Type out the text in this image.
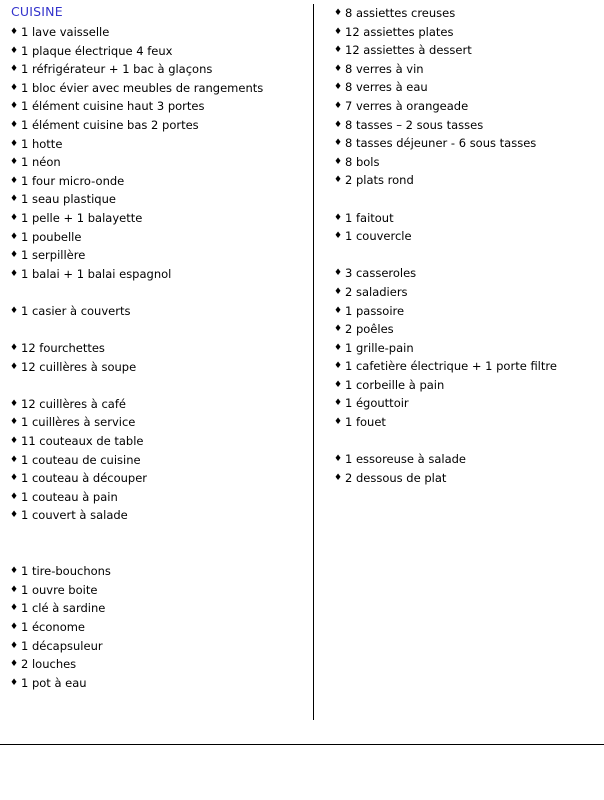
CUISINE
♦ 1 lave vaisselle
♦ 1 plaque électrique 4 feux
♦ 1 réfrigérateur + 1 bac à glaçons
♦ 1 bloc évier avec meubles de rangements
♦ 1 élément cuisine haut 3 portes
♦ 1 élément cuisine bas 2 portes
♦ 1 hotte
♦ 1 néon
♦ 1 four micro-onde
♦ 1 seau plastique
♦ 1 pelle + 1 balayette
♦ 1 poubelle
♦ 1 serpillère
♦ 1 balai + 1 balai espagnol
♦ 1 casier à couverts
♦ 12 fourchettes
♦ 12 cuillères à soupe
♦ 12 cuillères à café
♦ 1 cuillères à service
♦ 11 couteaux de table
♦ 1 couteau de cuisine
♦ 1 couteau à découper
♦ 1 couteau à pain
♦ 1 couvert à salade
♦ 1 tire-bouchons
♦ 1 ouvre boite
♦ 1 clé à sardine
♦ 1 économe
♦ 1 décapsuleur
♦ 2 louches
♦ 1 pot à eau
♦ 8 assiettes creuses
♦ 12 assiettes plates
♦ 12 assiettes à dessert
♦ 8 verres à vin
♦ 8 verres à eau
♦ 7 verres à orangeade
♦ 8 tasses – 2 sous tasses
♦ 8 tasses déjeuner - 6 sous tasses
♦ 8 bols
♦ 2 plats rond
♦ 1 faitout
♦ 1 couvercle
♦ 3 casseroles
♦ 2 saladiers
♦ 1 passoire
♦ 2 poêles
♦ 1 grille-pain
♦ 1 cafetière électrique + 1 porte filtre
♦ 1 corbeille à pain
♦ 1 égouttoir
♦ 1 fouet
♦ 1 essoreuse à salade
♦ 2 dessous de plat
